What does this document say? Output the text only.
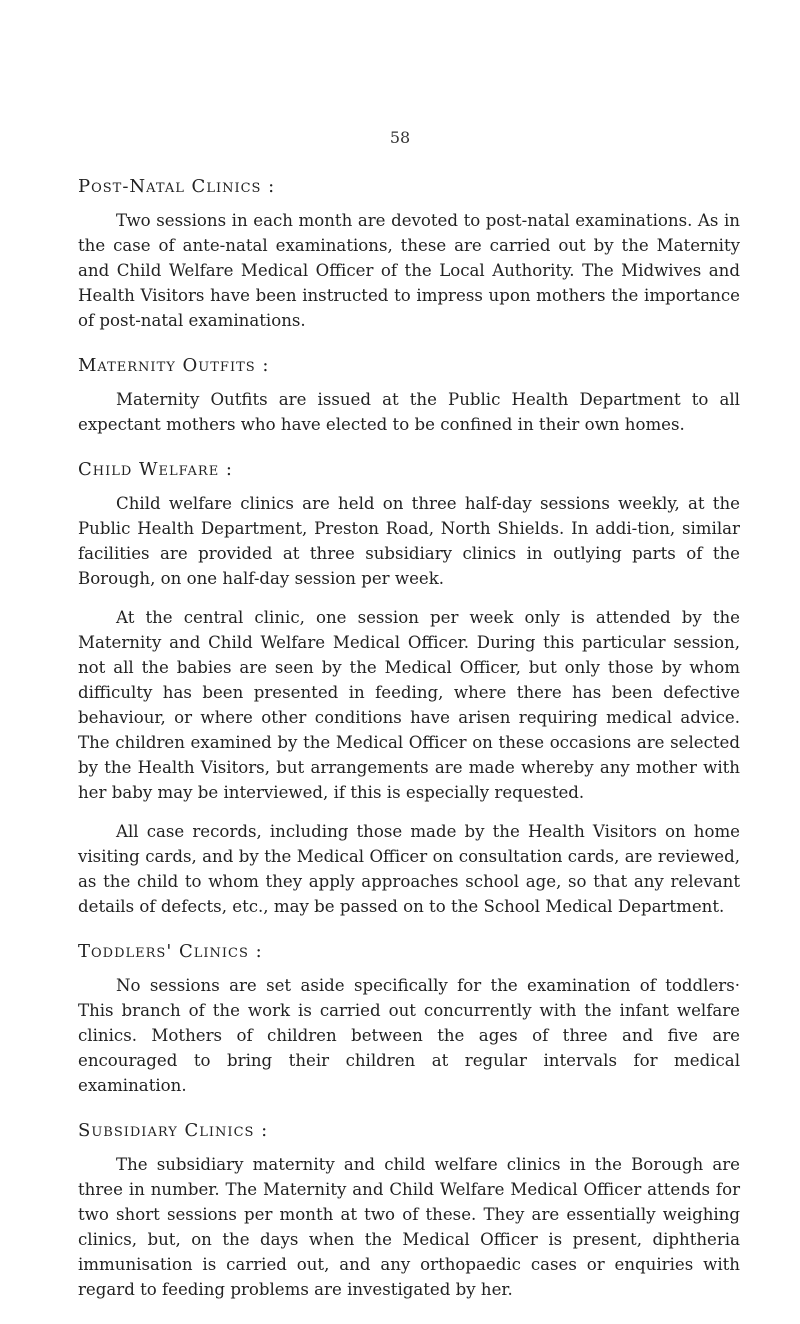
58
Post-Natal Clinics :

Two sessions in each month are devoted to post-natal examinations. As in the case of ante-natal examinations, these are carried out by the Maternity and Child Welfare Medical Officer of the Local Authority. The Midwives and Health Visitors have been instructed to impress upon mothers the importance of post-natal examinations.

Maternity Outfits :

Maternity Outfits are issued at the Public Health Department to all expectant mothers who have elected to be confined in their own homes.

Child Welfare :

Child welfare clinics are held on three half-day sessions weekly, at the Public Health Department, Preston Road, North Shields. In addi-tion, similar facilities are provided at three subsidiary clinics in outlying parts of the Borough, on one half-day session per week.

At the central clinic, one session per week only is attended by the Maternity and Child Welfare Medical Officer. During this particular session, not all the babies are seen by the Medical Officer, but only those by whom difficulty has been presented in feeding, where there has been defective behaviour, or where other conditions have arisen requiring medical advice. The children examined by the Medical Officer on these occasions are selected by the Health Visitors, but arrangements are made whereby any mother with her baby may be interviewed, if this is especially requested.

All case records, including those made by the Health Visitors on home visiting cards, and by the Medical Officer on consultation cards, are reviewed, as the child to whom they apply approaches school age, so that any relevant details of defects, etc., may be passed on to the School Medical Department.

Toddlers' Clinics :

No sessions are set aside specifically for the examination of toddlers· This branch of the work is carried out concurrently with the infant welfare clinics. Mothers of children between the ages of three and five are encouraged to bring their children at regular intervals for medical examination.

Subsidiary Clinics :

The subsidiary maternity and child welfare clinics in the Borough are three in number. The Maternity and Child Welfare Medical Officer attends for two short sessions per month at two of these. They are essentially weighing clinics, but, on the days when the Medical Officer is present, diphtheria immunisation is carried out, and any orthopaedic cases or enquiries with regard to feeding problems are investigated by her.
